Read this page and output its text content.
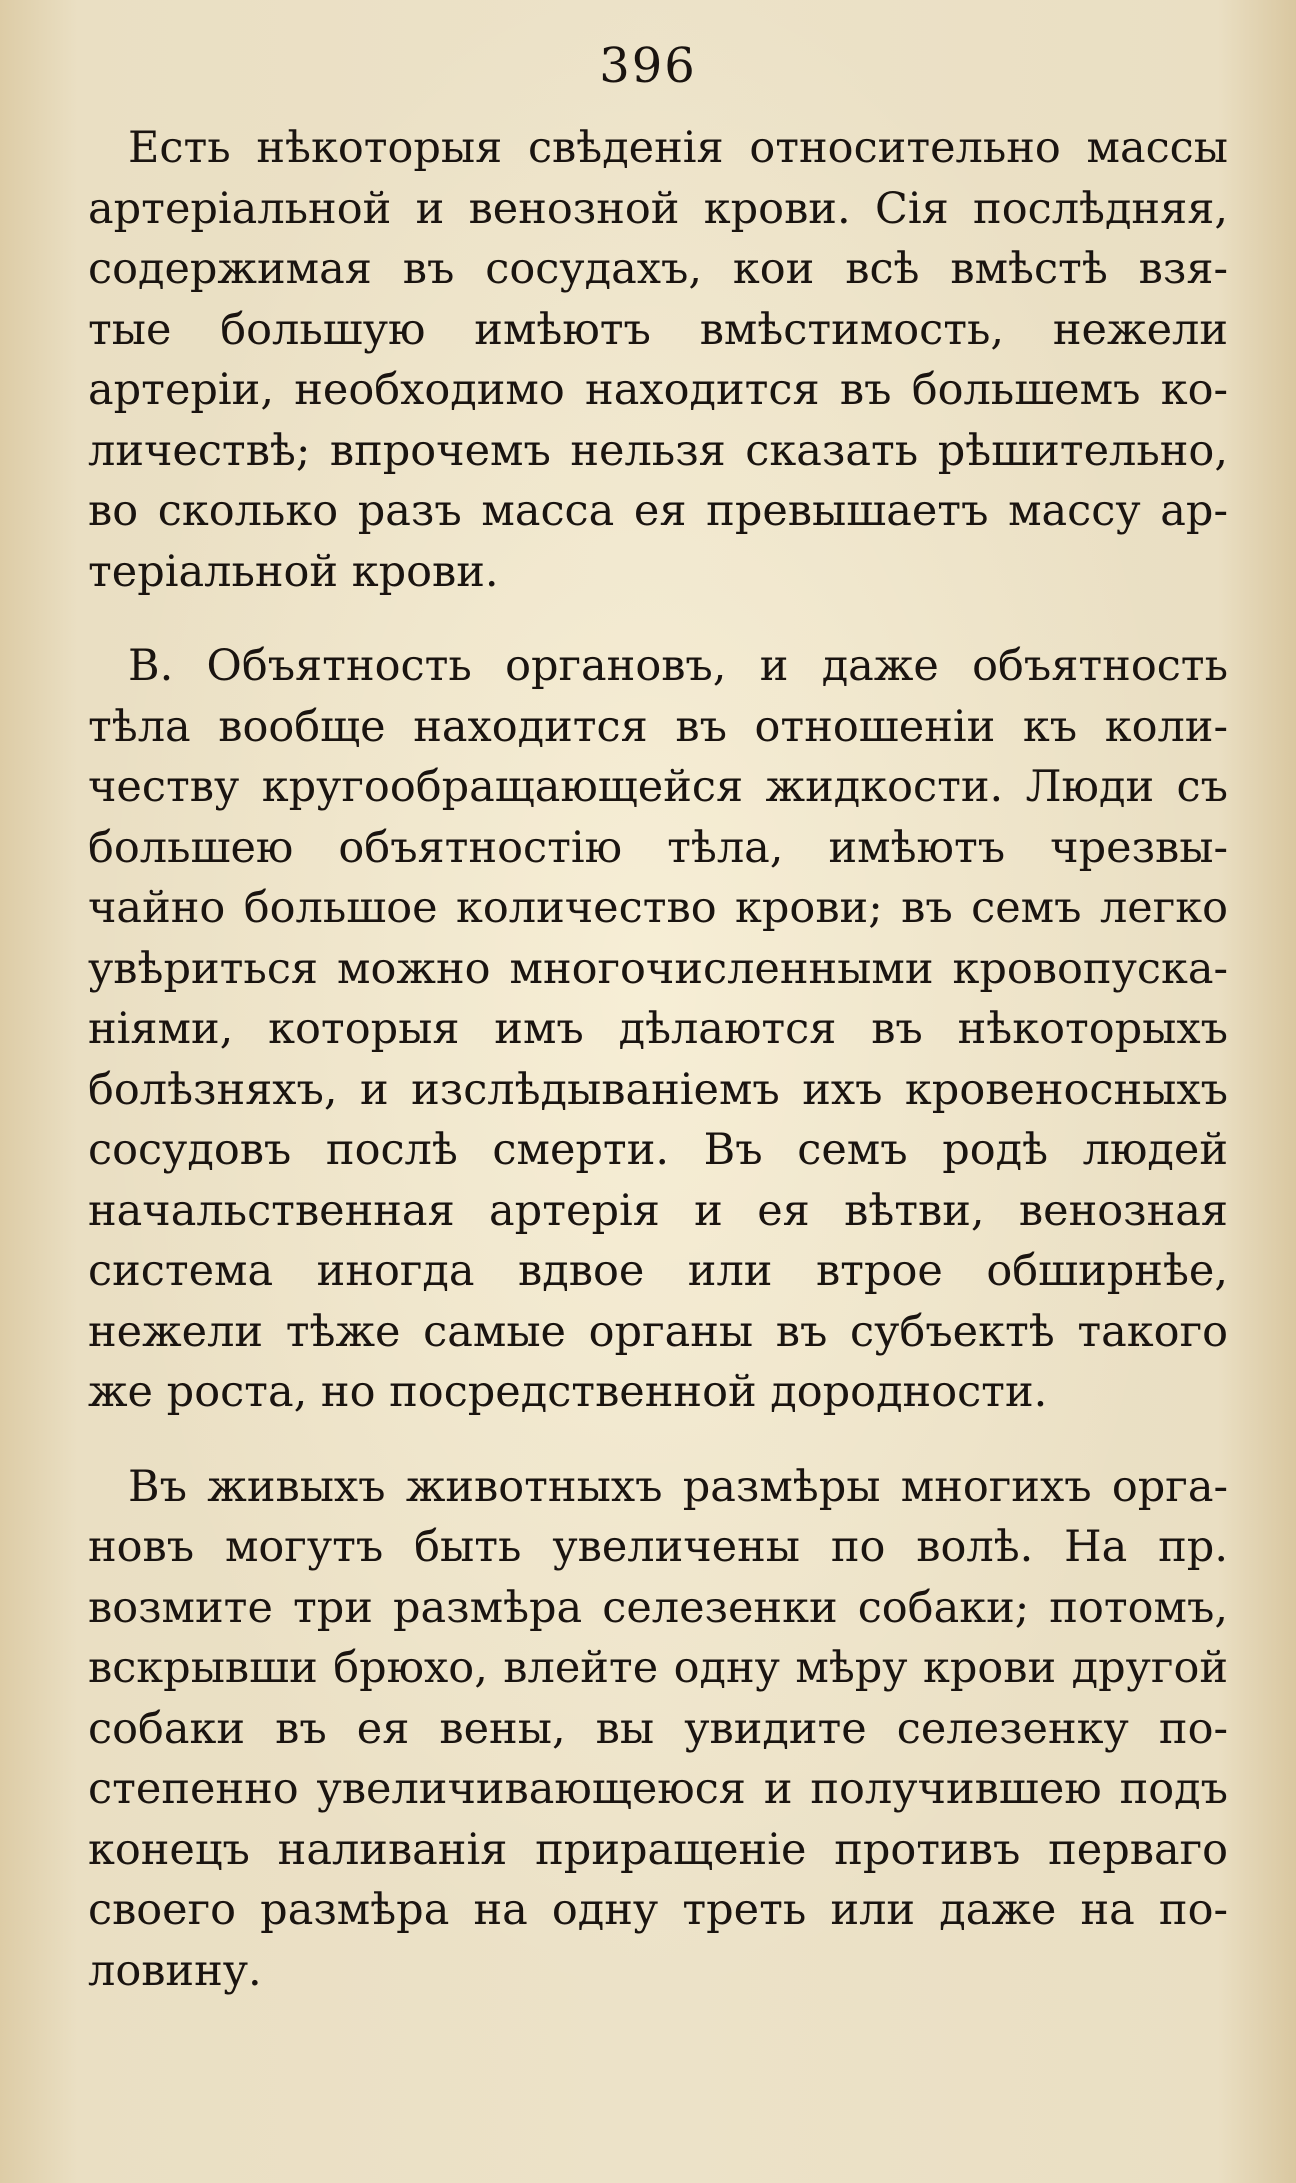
396
Есть нѣкоторыя свѣденія относительно массы
артеріальной и венозной крови. Сія послѣдняя,
содержимая въ сосудахъ, кои всѣ вмѣстѣ взя-
тые большую имѣютъ вмѣстимость, нежели
артеріи, необходимо находится въ большемъ ко-
личествѣ; впрочемъ нельзя сказать рѣшительно,
во сколько разъ масса ея превышаетъ массу ар-
теріальной крови.
B. Объятность органовъ, и даже объятность
тѣла вообще находится въ отношеніи къ коли-
честву кругообращающейся жидкости. Люди съ
большею объятностію тѣла, имѣютъ чрезвы-
чайно большое количество крови; въ семъ легко
увѣриться можно многочисленными кровопуска-
ніями, которыя имъ дѣлаются въ нѣкоторыхъ
болѣзняхъ, и изслѣдываніемъ ихъ кровеносныхъ
сосудовъ послѣ смерти. Въ семъ родѣ людей
начальственная артерія и ея вѣтви, венозная
система иногда вдвое или втрое обширнѣе,
нежели тѣже самые органы въ субъектѣ такого
же роста, но посредственной дородности.
Въ живыхъ животныхъ размѣры многихъ орга-
новъ могутъ быть увеличены по волѣ. На пр.
возмите три размѣра селезенки собаки; потомъ,
вскрывши брюхо, влейте одну мѣру крови другой
собаки въ ея вены, вы увидите селезенку по-
степенно увеличивающеюся и получившею подъ
конецъ наливанія приращеніе противъ перваго
своего размѣра на одну треть или даже на по-
ловину.
